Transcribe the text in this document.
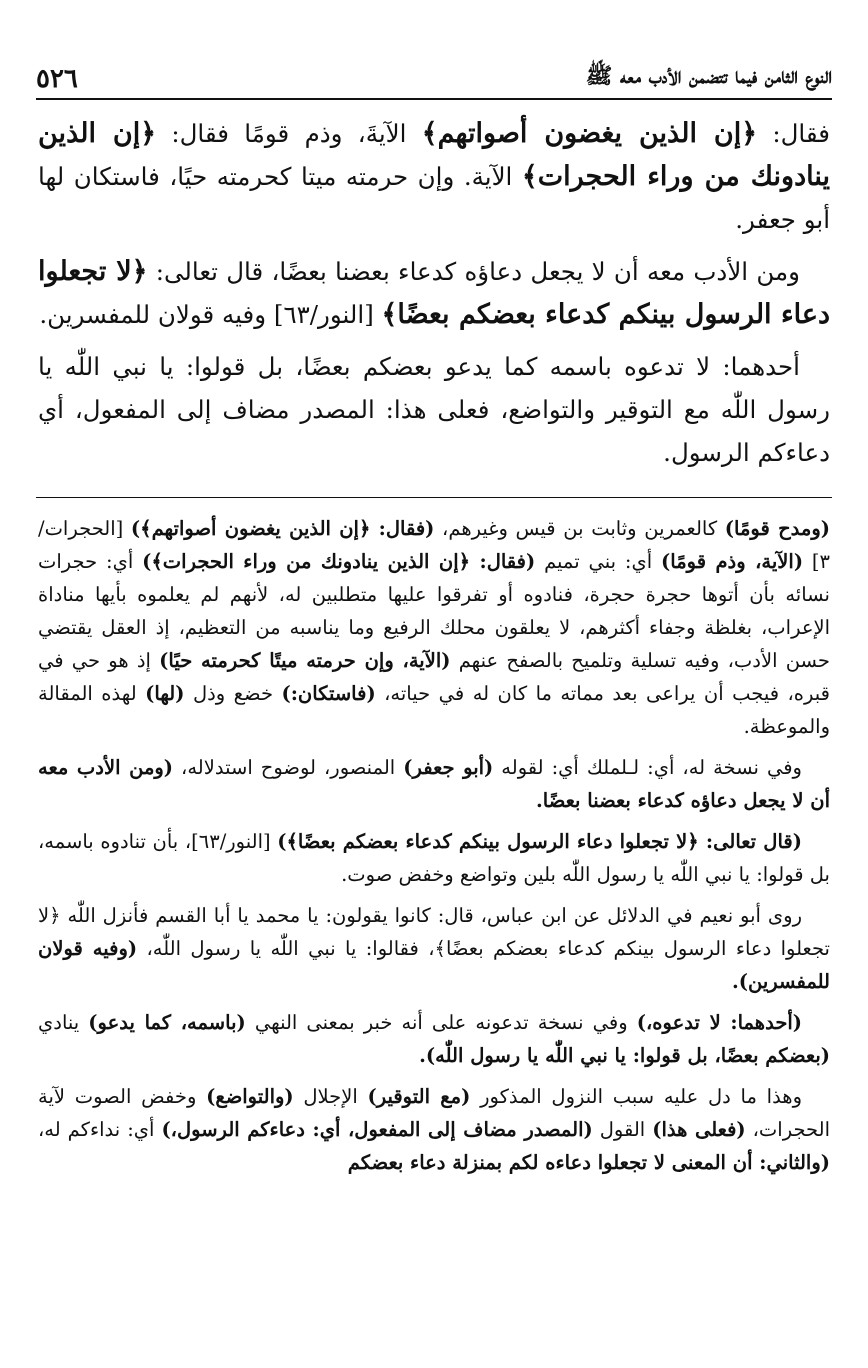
النوع الثامن فيما تتضمن الأدب معه ﷺ
٥٢٦

فقال: ﴿إن الذين يغضون أصواتهم﴾ الآيةَ، وذم قومًا فقال: ﴿إن الذين ينادونك من وراء الحجرات﴾ الآية. وإن حرمته ميتا كحرمته حيًا، فاستكان لها أبو جعفر.

ومن الأدب معه أن لا يجعل دعاؤه كدعاء بعضنا بعضًا، قال تعالى: ﴿لا تجعلوا دعاء الرسول بينكم كدعاء بعضكم بعضًا﴾ [النور/٦٣] وفيه قولان للمفسرين.

أحدهما: لا تدعوه باسمه كما يدعو بعضكم بعضًا، بل قولوا: يا نبي اللّٰه يا رسول اللّٰه مع التوقير والتواضع، فعلى هذا: المصدر مضاف إلى المفعول، أي دعاءكم الرسول.

(ومدح قومًا) كالعمرين وثابت بن قيس وغيرهم، (فقال: ﴿إن الذين يغضون أصواتهم﴾) [الحجرات/٣] (الآية، وذم قومًا) أي: بني تميم (فقال: ﴿إن الذين ينادونك من وراء الحجرات﴾) أي: حجرات نسائه بأن أتوها حجرة حجرة، فنادوه أو تفرقوا عليها متطلبين له، لأنهم لم يعلموه بأيها مناداة الإعراب، بغلظة وجفاء أكثرهم، لا يعلقون محلك الرفيع وما يناسبه من التعظيم، إذ العقل يقتضي حسن الأدب، وفيه تسلية وتلميح بالصفح عنهم (الآية، وإن حرمته ميتًا كحرمته حيًا) إذ هو حي في قبره، فيجب أن يراعى بعد مماته ما كان له في حياته، (فاستكان:) خضع وذل (لها) لهذه المقالة والموعظة.

وفي نسخة له، أي: لـلملك أي: لقوله (أبو جعفر) المنصور، لوضوح استدلاله، (ومن الأدب معه أن لا يجعل دعاؤه كدعاء بعضنا بعضًا.

(قال تعالى: ﴿لا تجعلوا دعاء الرسول بينكم كدعاء بعضكم بعضًا﴾) [النور/٦٣]، بأن تنادوه باسمه، بل قولوا: يا نبي اللّٰه يا رسول اللّٰه بلين وتواضع وخفض صوت.

روى أبو نعيم في الدلائل عن ابن عباس، قال: كانوا يقولون: يا محمد يا أبا القسم فأنزل اللّٰه ﴿لا تجعلوا دعاء الرسول بينكم كدعاء بعضكم بعضًا﴾، فقالوا: يا نبي اللّٰه يا رسول اللّٰه، (وفيه قولان للمفسرين).

(أحدهما: لا تدعوه،) وفي نسخة تدعونه على أنه خبر بمعنى النهي (باسمه، كما يدعو) ينادي (بعضكم بعضًا، بل قولوا: يا نبي اللّٰه يا رسول اللّٰه).

وهذا ما دل عليه سبب النزول المذكور (مع التوقير) الإجلال (والتواضع) وخفض الصوت لآية الحجرات، (فعلى هذا) القول (المصدر مضاف إلى المفعول، أي: دعاءكم الرسول،) أي: نداءكم له، (والثاني: أن المعنى لا تجعلوا دعاءه لكم بمنزلة دعاء بعضكم
